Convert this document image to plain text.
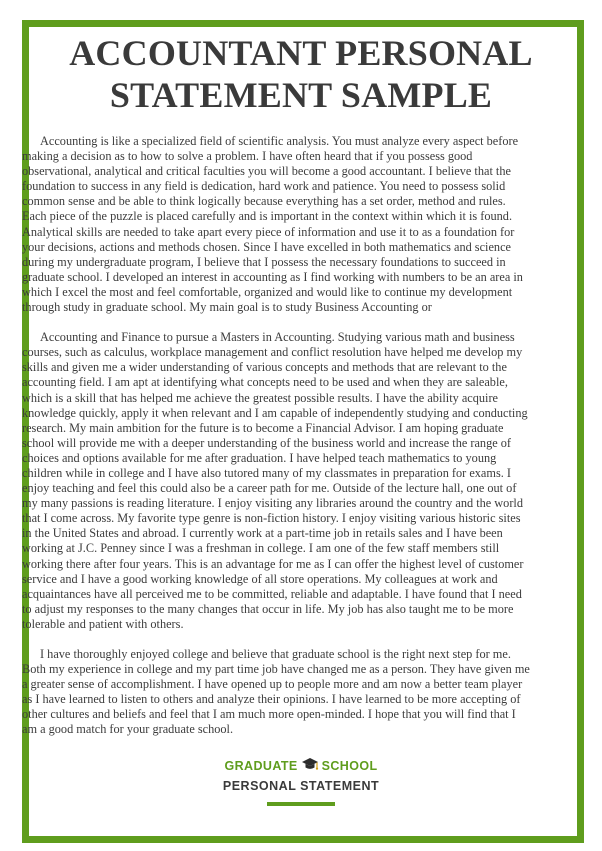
ACCOUNTANT PERSONAL
STATEMENT SAMPLE

Accounting is like a specialized field of scientific analysis. You must analyze every aspect before making a decision as to how to solve a problem. I have often heard that if you possess good observational, analytical and critical faculties you will become a good accountant. I believe that the foundation to success in any field is dedication, hard work and patience. You need to possess solid common sense and be able to think logically because everything has a set order, method and rules. Each piece of the puzzle is placed carefully and is important in the context within which it is found. Analytical skills are needed to take apart every piece of information and use it to as a foundation for your decisions, actions and methods chosen. Since I have excelled in both mathematics and science during my undergraduate program, I believe that I possess the necessary foundations to succeed in graduate school. I developed an interest in accounting as I find working with numbers to be an area in which I excel the most and feel comfortable, organized and would like to continue my development through study in graduate school. My main goal is to study Business Accounting or

Accounting and Finance to pursue a Masters in Accounting. Studying various math and business courses, such as calculus, workplace management and conflict resolution have helped me develop my skills and given me a wider understanding of various concepts and methods that are relevant to the accounting field. I am apt at identifying what concepts need to be used and when they are saleable, which is a skill that has helped me achieve the greatest possible results. I have the ability acquire knowledge quickly, apply it when relevant and I am capable of independently studying and conducting research. My main ambition for the future is to become a Financial Advisor. I am hoping graduate school will provide me with a deeper understanding of the business world and increase the range of choices and options available for me after graduation. I have helped teach mathematics to young children while in college and I have also tutored many of my classmates in preparation for exams. I enjoy teaching and feel this could also be a career path for me. Outside of the lecture hall, one out of my many passions is reading literature. I enjoy visiting any libraries around the country and the world that I come across. My favorite type genre is non-fiction history. I enjoy visiting various historic sites in the United States and abroad. I currently work at a part-time job in retails sales and I have been working at J.C. Penney since I was a freshman in college. I am one of the few staff members still working there after four years. This is an advantage for me as I can offer the highest level of customer service and I have a good working knowledge of all store operations. My colleagues at work and acquaintances have all perceived me to be committed, reliable and adaptable. I have found that I need to adjust my responses to the many changes that occur in life. My job has also taught me to be more tolerable and patient with others.

I have thoroughly enjoyed college and believe that graduate school is the right next step for me. Both my experience in college and my part time job have changed me as a person. They have given me a greater sense of accomplishment. I have opened up to people more and am now a better team player as I have learned to listen to others and analyze their opinions. I have learned to be more accepting of other cultures and beliefs and feel that I am much more open-minded. I hope that you will find that I am a good match for your graduate school.

GRADUATE SCHOOL
PERSONAL STATEMENT
